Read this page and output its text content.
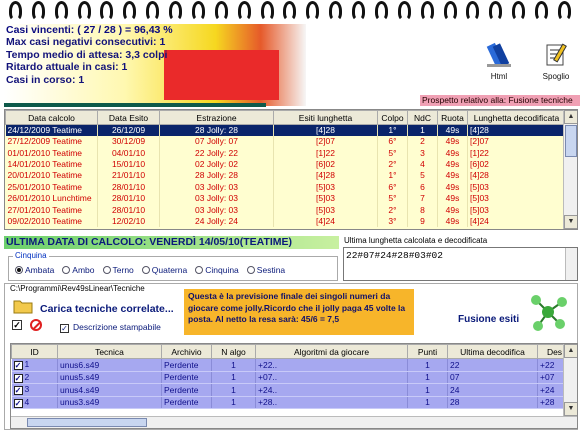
Casi vincenti: ( 27 / 28 ) = 96,43 %
Max casi negativi consecutivi: 1
Tempo medio di attesa: 3,3 colpi
Ritardo attuale in casi: 1
Casi in corso: 1	Html	Spoglio
Prospetto relativo alla: Fusione tecniche
Data calcolo	Data Esito	Estrazione	Esiti lunghetta	Colpo	NdC	Ruota	Lunghetta decodificata
24/12/2009 Teatime	26/12/09	28 Jolly: 28	[4]28	1°	1	49s	[4]28
27/12/2009 Teatime	30/12/09	07 Jolly: 07	[2]07	6°	2	49s	[2]07
01/01/2010 Teatime	04/01/10	22 Jolly: 22	[1]22	5°	3	49s	[1]22
14/01/2010 Teatime	15/01/10	02 Jolly: 02	[6]02	2°	4	49s	[6]02
20/01/2010 Teatime	21/01/10	28 Jolly: 28	[4]28	1°	5	49s	[4]28
25/01/2010 Teatime	28/01/10	03 Jolly: 03	[5]03	6°	6	49s	[5]03
26/01/2010 Lunchtime	28/01/10	03 Jolly: 03	[5]03	5°	7	49s	[5]03
27/01/2010 Teatime	28/01/10	03 Jolly: 03	[5]03	2°	8	49s	[5]03
09/02/2010 Teatime	12/02/10	24 Jolly: 24	[4]24	3°	9	49s	[4]24
▲
▼
ULTIMA DATA DI CALCOLO: VENERDÌ 14/05/10(TEATIME)	Ultima lunghetta calcolata e decodificata
22#07#24#28#03#02
Cinquina
Ambata	Ambo	Terno	Quaterna	Cinquina	Sestina
C:\Programmi\Rev49sLinear\Tecniche
Carica tecniche correlate...
✓	✓ Descrizione stampabile
Questa è la previsione finale dei singoli numeri da giocare come jolly.Ricordo che il jolly paga 45 volte la posta. Al netto la resa sarà: 45/6 = 7,5	Fusione esiti
ID	Tecnica	Archivio	N algo	Algoritmi da giocare	Punti	Ultima decodifica	Des
✓ 1	unus6.s49	Perdente	1	+22..	1	22	+22
✓ 2	unus5.s49	Perdente	1	+07..	1	07	+07
✓ 3	unus4.s49	Perdente	1	+24..	1	24	+24
✓ 4	unus3.s49	Perdente	1	+28..	1	28	+28
▲
▼
